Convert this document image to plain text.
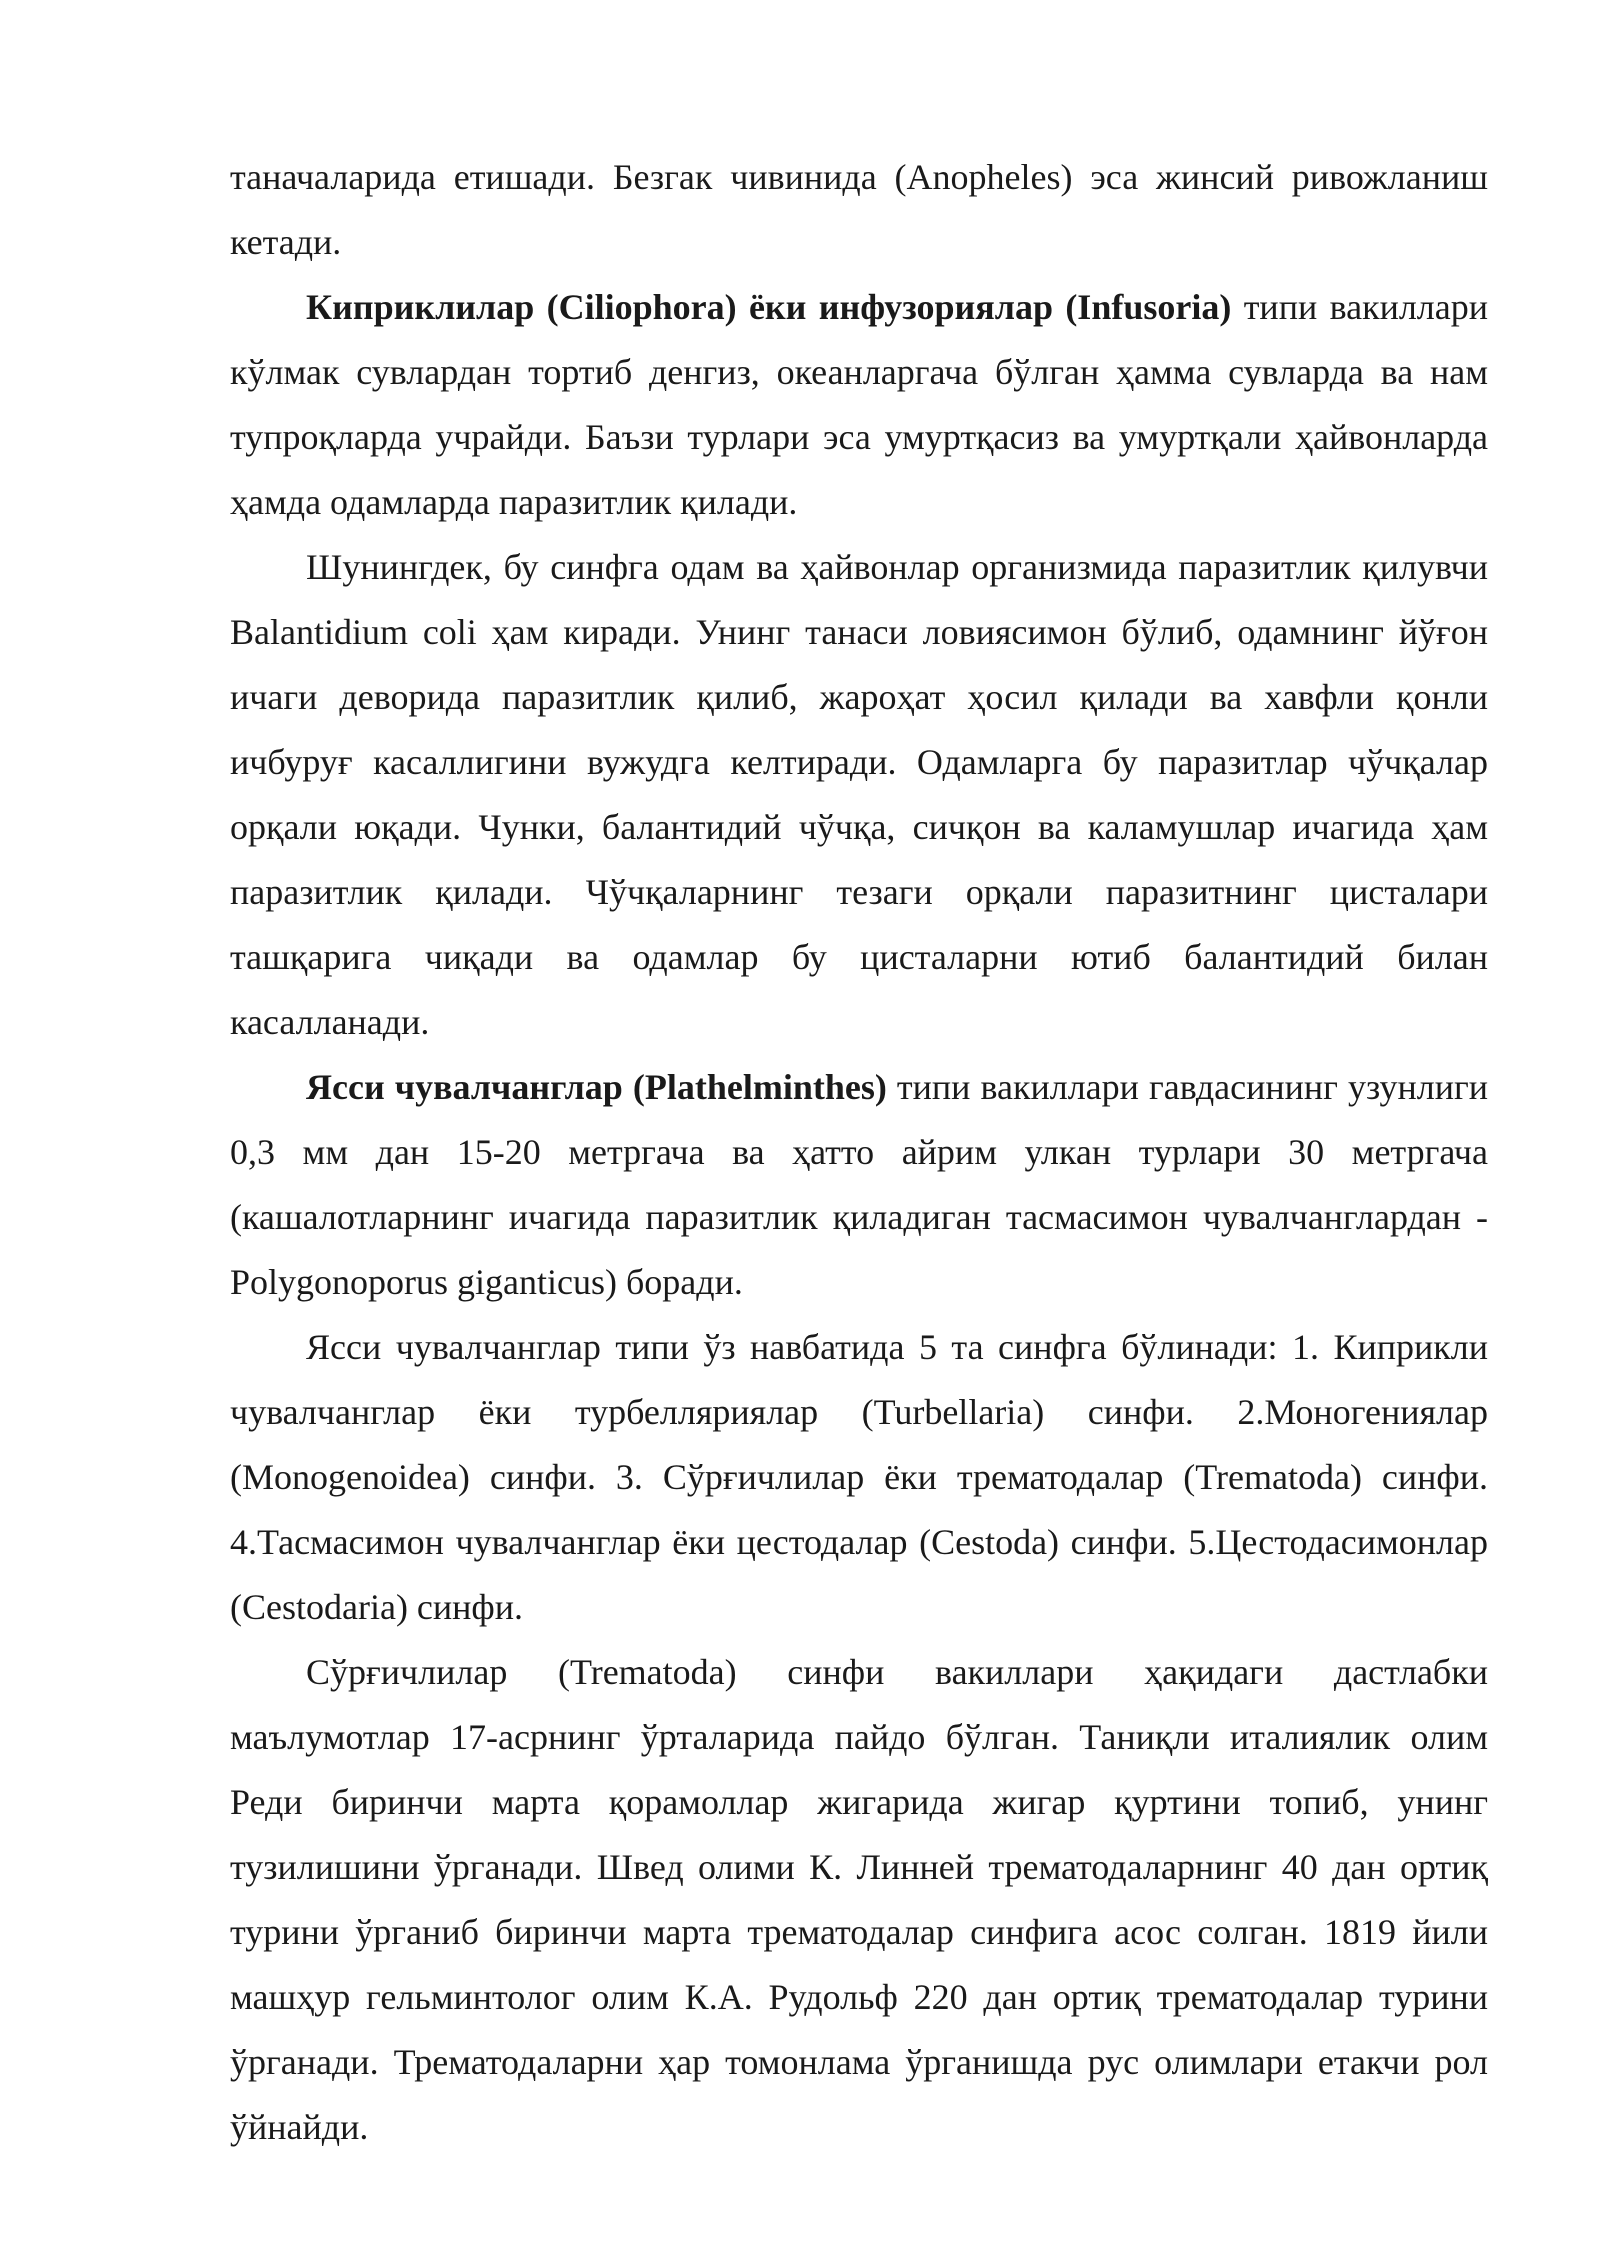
таначаларида етишади. Безгак чивинида (Anopheles) эса жинсий ривожланиш кетади.

Киприклилар (Ciliophora) ёки инфузориялар (Infusoria) типи вакиллари кўлмак сувлардан тортиб денгиз, океанларгача бўлган ҳамма сувларда ва нам тупроқларда учрайди. Баъзи турлари эса умуртқасиз ва умуртқали ҳайвонларда ҳамда одамларда паразитлик қилади.

Шунингдек, бу синфга одам ва ҳайвонлар организмида паразитлик қилувчи Balantidium coli ҳам киради. Унинг танаси ловиясимон бўлиб, одамнинг йўғон ичаги деворида паразитлик қилиб, жароҳат ҳосил қилади ва хавфли қонли ичбуруғ касаллигини вужудга келтиради. Одамларга бу паразитлар чўчқалар орқали юқади. Чунки, балантидий чўчқа, сичқон ва каламушлар ичагида ҳам паразитлик қилади. Чўчқаларнинг тезаги орқали паразитнинг цисталари ташқарига чиқади ва одамлар бу цисталарни ютиб балантидий билан касалланади.

Ясси чувалчанглар (Plathelminthes) типи вакиллари гавдасининг узунлиги 0,3 мм дан 15-20 метргача ва ҳатто айрим улкан турлари 30 метргача (кашалотларнинг ичагида паразитлик қиладиган тасмасимон чувалчанглардан - Polygonoporus giganticus) боради.

Ясси чувалчанглар типи ўз навбатида 5 та синфга бўлинади: 1. Киприкли чувалчанглар ёки турбелляриялар (Turbellaria) синфи. 2.Моногениялар (Monogenoidea) синфи. 3. Сўрғичлилар ёки трематодалар (Trematoda) синфи. 4.Тасмасимон чувалчанглар ёки цестодалар (Cestoda) синфи. 5.Цестодасимонлар (Cestodaria) синфи.

Сўрғичлилар (Trematoda) синфи вакиллари ҳақидаги дастлабки маълумотлар 17-асрнинг ўрталарида пайдо бўлган. Таниқли италиялик олим Реди биринчи марта қорамоллар жигарида жигар қуртини топиб, унинг тузилишини ўрганади. Швед олими К. Линней трематодаларнинг 40 дан ортиқ турини ўрганиб биринчи марта трематодалар синфига асос солган. 1819 йили машҳур гельминтолог олим К.А. Рудольф 220 дан ортиқ трематодалар турини ўрганади. Трематодаларни ҳар томонлама ўрганишда рус олимлари етакчи рол ўйнайди.
